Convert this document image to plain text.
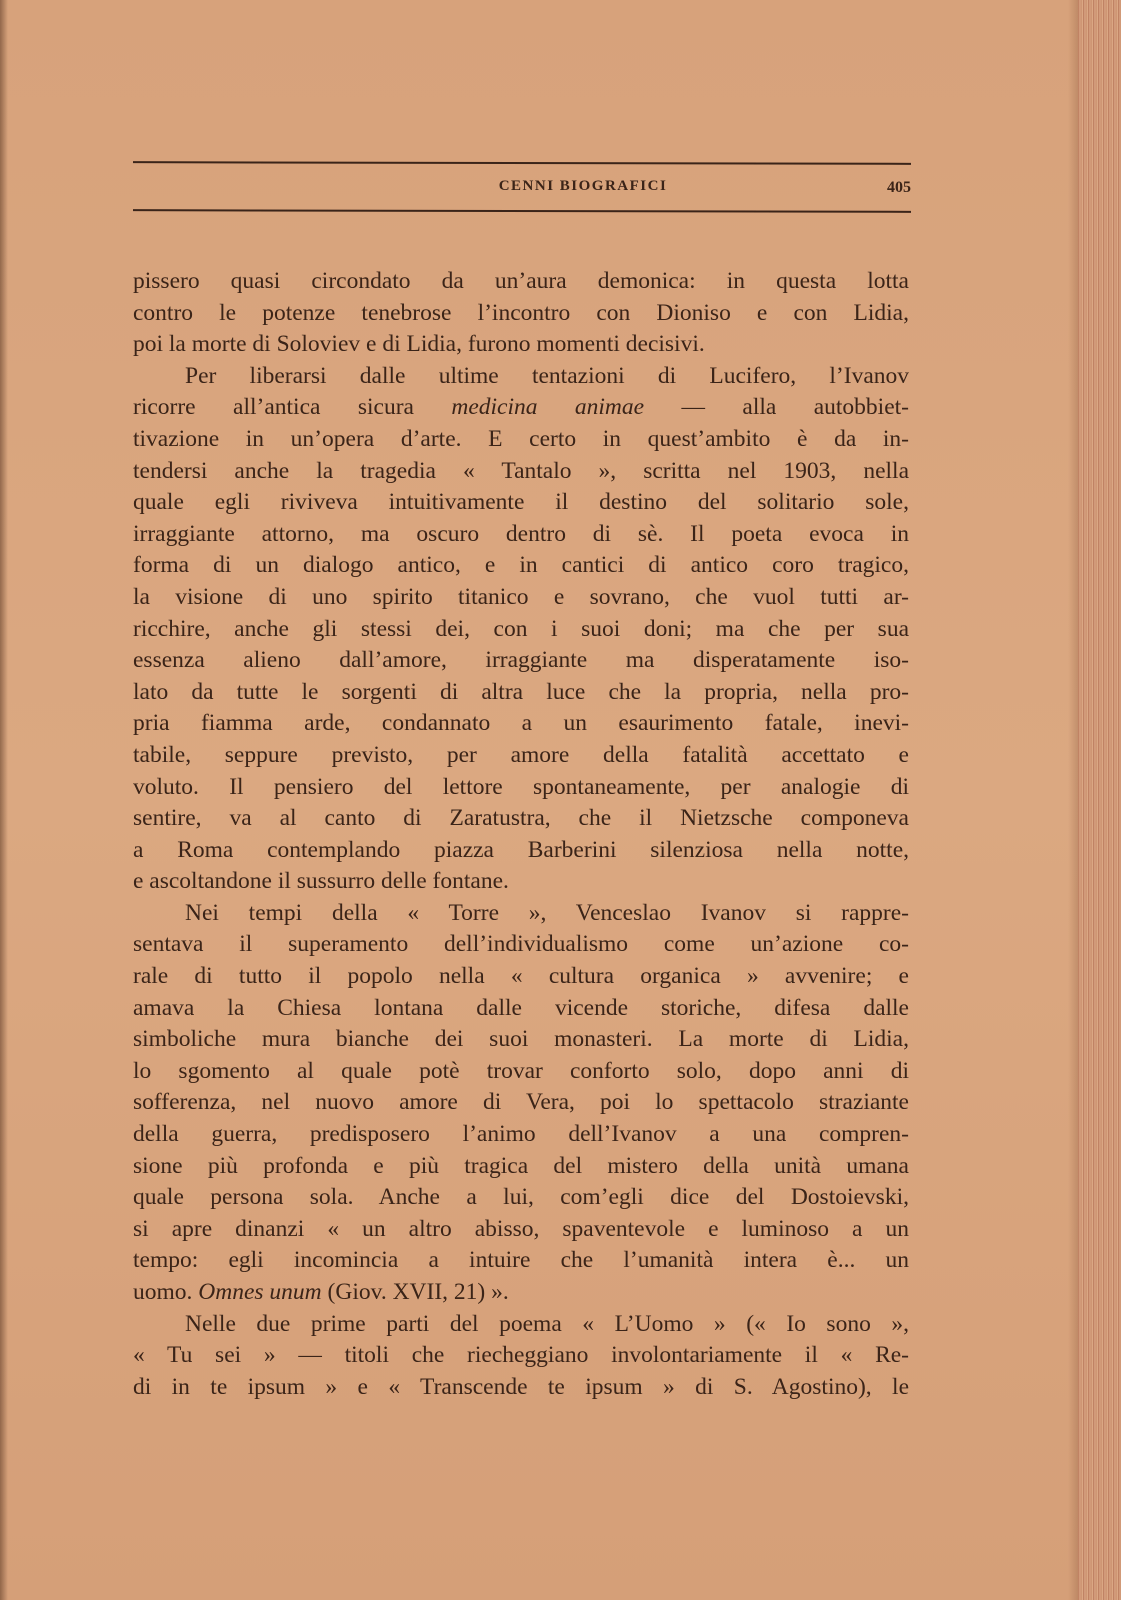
CENNI BIOGRAFICI	405
pissero quasi circondato da un’aura demonica: in questa lotta
contro le potenze tenebrose l’incontro con Dioniso e con Lidia,
poi la morte di Soloviev e di Lidia, furono momenti decisivi.
Per liberarsi dalle ultime tentazioni di Lucifero, l’Ivanov
ricorre all’antica sicura medicina animae — alla autobbiet-
tivazione in un’opera d’arte. E certo in quest’ambito è da in-
tendersi anche la tragedia « Tantalo », scritta nel 1903, nella
quale egli riviveva intuitivamente il destino del solitario sole,
irraggiante attorno, ma oscuro dentro di sè. Il poeta evoca in
forma di un dialogo antico, e in cantici di antico coro tragico,
la visione di uno spirito titanico e sovrano, che vuol tutti ar-
ricchire, anche gli stessi dei, con i suoi doni; ma che per sua
essenza alieno dall’amore, irraggiante ma disperatamente iso-
lato da tutte le sorgenti di altra luce che la propria, nella pro-
pria fiamma arde, condannato a un esaurimento fatale, inevi-
tabile, seppure previsto, per amore della fatalità accettato e
voluto. Il pensiero del lettore spontaneamente, per analogie di
sentire, va al canto di Zaratustra, che il Nietzsche componeva
a Roma contemplando piazza Barberini silenziosa nella notte,
e ascoltandone il sussurro delle fontane.
Nei tempi della « Torre », Venceslao Ivanov si rappre-
sentava il superamento dell’individualismo come un’azione co-
rale di tutto il popolo nella « cultura organica » avvenire; e
amava la Chiesa lontana dalle vicende storiche, difesa dalle
simboliche mura bianche dei suoi monasteri. La morte di Lidia,
lo sgomento al quale potè trovar conforto solo, dopo anni di
sofferenza, nel nuovo amore di Vera, poi lo spettacolo straziante
della guerra, predisposero l’animo dell’Ivanov a una compren-
sione più profonda e più tragica del mistero della unità umana
quale persona sola. Anche a lui, com’egli dice del Dostoievski,
si apre dinanzi « un altro abisso, spaventevole e luminoso a un
tempo: egli incomincia a intuire che l’umanità intera è... un
uomo. Omnes unum (Giov. XVII, 21) ».
Nelle due prime parti del poema « L’Uomo » (« Io sono »,
« Tu sei » — titoli che riecheggiano involontariamente il « Re-
di in te ipsum » e « Transcende te ipsum » di S. Agostino), le
